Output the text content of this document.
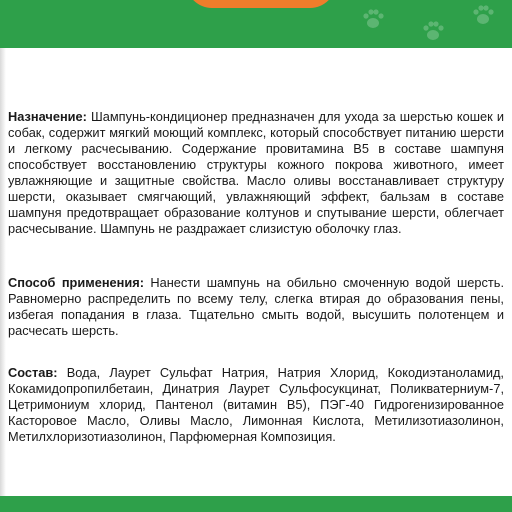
Назначение: Шампунь-кондиционер предназначен для ухода за шерстью кошек и собак, содержит мягкий моющий комплекс, который способствует питанию шерсти и легкому расчесыванию. Содержание провитамина B5 в составе шампуня способствует восстановлению структуры кожного покрова животного, имеет увлажняющие и защитные свойства. Масло оливы восстанавливает структуру шерсти, оказывает смягчающий, увлажняющий эффект, бальзам в составе шампуня предотвращает образование колтунов и спутывание шерсти, облегчает расчесывание. Шампунь не раздражает слизистую оболочку глаз.
Способ применения: Нанести шампунь на обильно смоченную водой шерсть. Равномерно распределить по всему телу, слегка втирая до образования пены, избегая попадания в глаза. Тщательно смыть водой, высушить полотенцем и расчесать шерсть.
Состав: Вода, Лаурет Сульфат Натрия, Натрия Хлорид, Кокодиэтаноламид, Кокамидопропилбетаин, Динатрия Лаурет Сульфосукцинат, Поликватерниум-7, Цетримониум хлорид, Пантенол (витамин B5), ПЭГ-40 Гидрогенизированное Касторовое Масло, Оливы Масло, Лимонная Кислота, Метилизотиазолинон, Метилхлоризотиазолинон, Парфюмерная Композиция.
